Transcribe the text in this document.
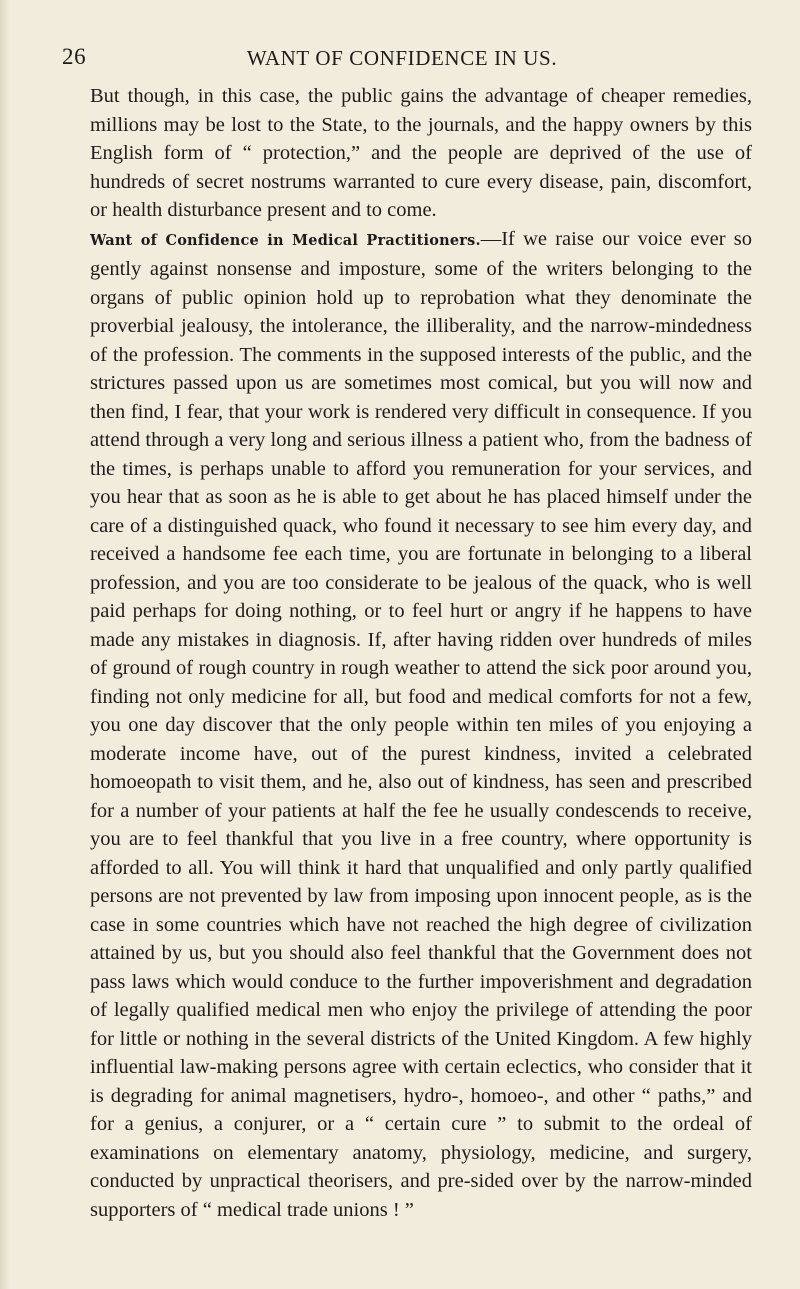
26	WANT OF CONFIDENCE IN US.

But though, in this case, the public gains the advantage of cheaper remedies, millions may be lost to the State, to the journals, and the happy owners by this English form of “ protection,” and the people are deprived of the use of hundreds of secret nostrums warranted to cure every disease, pain, discomfort, or health disturbance present and to come.

Want of Confidence in Medical Practitioners.—If we raise our voice ever so gently against nonsense and imposture, some of the writers belonging to the organs of public opinion hold up to reprobation what they denominate the proverbial jealousy, the intolerance, the illiberality, and the narrow-mindedness of the profession. The comments in the supposed interests of the public, and the strictures passed upon us are sometimes most comical, but you will now and then find, I fear, that your work is rendered very difficult in consequence. If you attend through a very long and serious illness a patient who, from the badness of the times, is perhaps unable to afford you remuneration for your services, and you hear that as soon as he is able to get about he has placed himself under the care of a distinguished quack, who found it necessary to see him every day, and received a handsome fee each time, you are fortunate in belonging to a liberal profession, and you are too considerate to be jealous of the quack, who is well paid perhaps for doing nothing, or to feel hurt or angry if he happens to have made any mistakes in diagnosis. If, after having ridden over hundreds of miles of ground of rough country in rough weather to attend the sick poor around you, finding not only medicine for all, but food and medical comforts for not a few, you one day discover that the only people within ten miles of you enjoying a moderate income have, out of the purest kindness, invited a celebrated homoeopath to visit them, and he, also out of kindness, has seen and prescribed for a number of your patients at half the fee he usually condescends to receive, you are to feel thankful that you live in a free country, where opportunity is afforded to all. You will think it hard that unqualified and only partly qualified persons are not prevented by law from imposing upon innocent people, as is the case in some countries which have not reached the high degree of civilization attained by us, but you should also feel thankful that the Government does not pass laws which would conduce to the further impoverishment and degradation of legally qualified medical men who enjoy the privilege of attending the poor for little or nothing in the several districts of the United Kingdom. A few highly influential law-making persons agree with certain eclectics, who consider that it is degrading for animal magnetisers, hydro-, homoeo-, and other “ paths,” and for a genius, a conjurer, or a “ certain cure ” to submit to the ordeal of examinations on elementary anatomy, physiology, medicine, and surgery, conducted by unpractical theorisers, and pre-sided over by the narrow-minded supporters of “ medical trade unions ! ”
